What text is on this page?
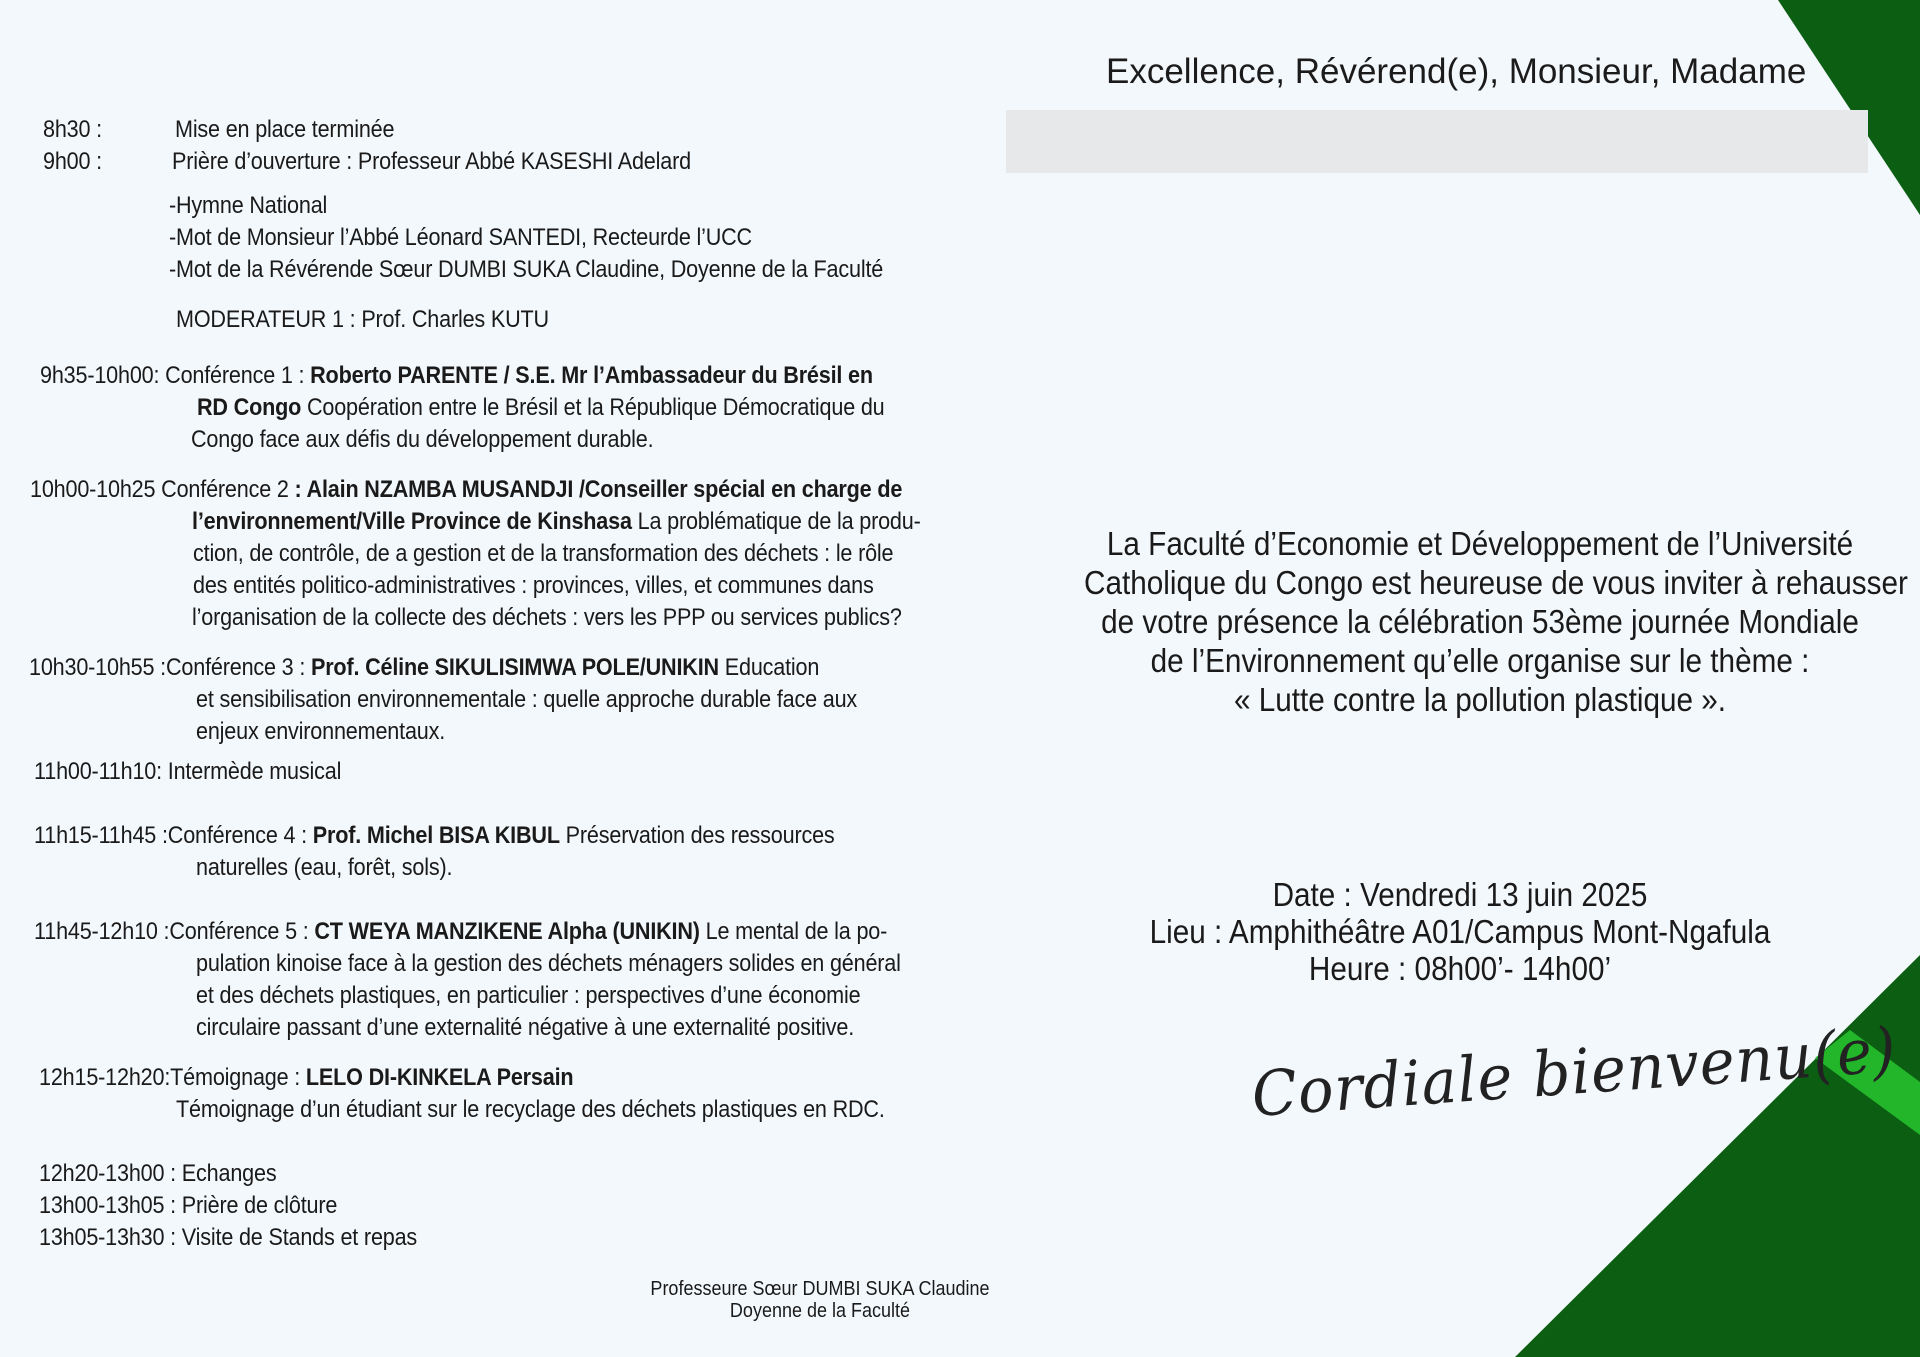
8h30 :	Mise en place terminée
9h00 :	Prière d’ouverture : Professeur Abbé KASESHI Adelard
-Hymne National
-Mot de Monsieur l’Abbé Léonard SANTEDI, Recteurde l’UCC
-Mot de la Révérende Sœur DUMBI SUKA Claudine, Doyenne de la Faculté
MODERATEUR 1 : Prof. Charles KUTU
9h35-10h00: Conférence 1 : Roberto PARENTE / S.E. Mr l’Ambassadeur du Brésil en
RD Congo Coopération entre le Brésil et la République Démocratique du
Congo face aux défis du développement durable.
10h00-10h25 Conférence 2 : Alain NZAMBA MUSANDJI /Conseiller spécial en charge de
l’environnement/Ville Province de Kinshasa La problématique de la produ-
ction, de contrôle, de a gestion et de la transformation des déchets : le rôle
des entités politico-administratives : provinces, villes, et communes dans
l’organisation de la collecte des déchets : vers les PPP ou services publics?
10h30-10h55 :Conférence 3 : Prof. Céline SIKULISIMWA POLE/UNIKIN Education
et sensibilisation environnementale : quelle approche durable face aux
enjeux environnementaux.
11h00-11h10: Intermède musical
11h15-11h45 :Conférence 4 : Prof. Michel BISA KIBUL Préservation des ressources
naturelles (eau, forêt, sols).
11h45-12h10 :Conférence 5 : CT WEYA MANZIKENE Alpha (UNIKIN) Le mental de la po-
pulation kinoise face à la gestion des déchets ménagers solides en général
et des déchets plastiques, en particulier : perspectives d’une économie
circulaire passant d’une externalité négative à une externalité positive.
12h15-12h20:Témoignage : LELO DI-KINKELA Persain
Témoignage d’un étudiant sur le recyclage des déchets plastiques en RDC.
12h20-13h00 : Echanges
13h00-13h05 : Prière de clôture
13h05-13h30 : Visite de Stands et repas
Professeure Sœur DUMBI SUKA Claudine
Doyenne de la Faculté
Excellence, Révérend(e), Monsieur, Madame
La Faculté d’Economie et Développement de l’Université
Catholique du Congo est heureuse de vous inviter à rehausser
de votre présence la célébration 53ème journée Mondiale
de l’Environnement qu’elle organise sur le thème :
« Lutte contre la pollution plastique ».
Date : Vendredi 13 juin 2025
Lieu : Amphithéâtre A01/Campus Mont-Ngafula
Heure : 08h00’- 14h00’
Cordiale bienvenu(e)
